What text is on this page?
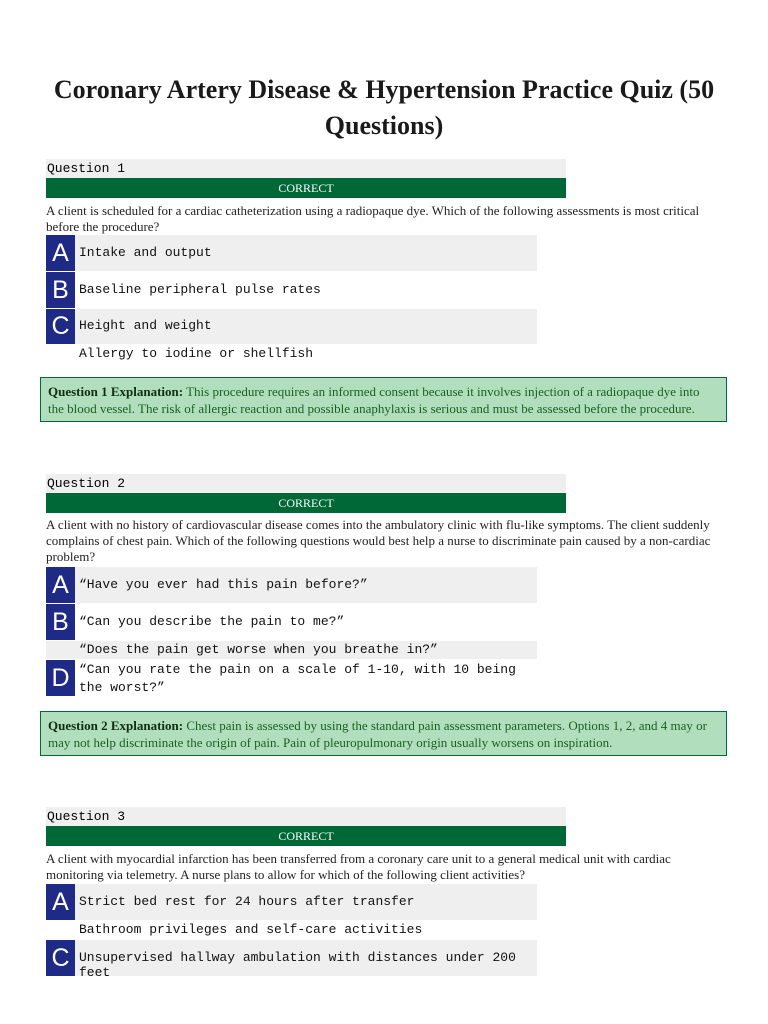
Coronary Artery Disease & Hypertension Practice Quiz (50 Questions)
Question 1
CORRECT
A client is scheduled for a cardiac catheterization using a radiopaque dye. Which of the following assessments is most critical before the procedure?
A Intake and output
B Baseline peripheral pulse rates
C Height and weight
Allergy to iodine or shellfish
Question 1 Explanation: This procedure requires an informed consent because it involves injection of a radiopaque dye into the blood vessel. The risk of allergic reaction and possible anaphylaxis is serious and must be assessed before the procedure.
Question 2
CORRECT
A client with no history of cardiovascular disease comes into the ambulatory clinic with flu-like symptoms. The client suddenly complains of chest pain. Which of the following questions would best help a nurse to discriminate pain caused by a non-cardiac problem?
A “Have you ever had this pain before?”
B “Can you describe the pain to me?”
“Does the pain get worse when you breathe in?”
D “Can you rate the pain on a scale of 1-10, with 10 being the worst?”
Question 2 Explanation: Chest pain is assessed by using the standard pain assessment parameters. Options 1, 2, and 4 may or may not help discriminate the origin of pain. Pain of pleuropulmonary origin usually worsens on inspiration.
Question 3
CORRECT
A client with myocardial infarction has been transferred from a coronary care unit to a general medical unit with cardiac monitoring via telemetry. A nurse plans to allow for which of the following client activities?
A Strict bed rest for 24 hours after transfer
Bathroom privileges and self-care activities
C Unsupervised hallway ambulation with distances under 200 feet
